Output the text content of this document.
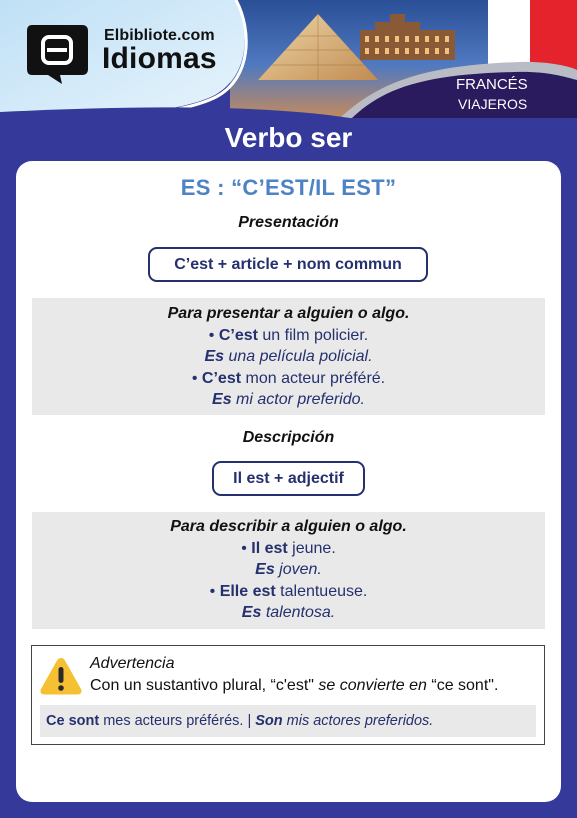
Elbibliote.com
Idiomas
FRANCÉS
VIAJEROS
Verbo ser
ES : “C’EST/IL EST”
Presentación
C’est + article + nom commun
Para presentar a alguien o algo.
• C’est un film policier.
Es una película policial.
• C’est mon acteur préféré.
Es mi actor preferido.
Descripción
Il est + adjectif
Para describir a alguien o algo.
• Il est jeune.
Es joven.
• Elle est talentueuse.
Es talentosa.
Advertencia
Con un sustantivo plural, “c'est" se convierte en “ce sont".
Ce sont mes acteurs préférés. | Son mis actores preferidos.
